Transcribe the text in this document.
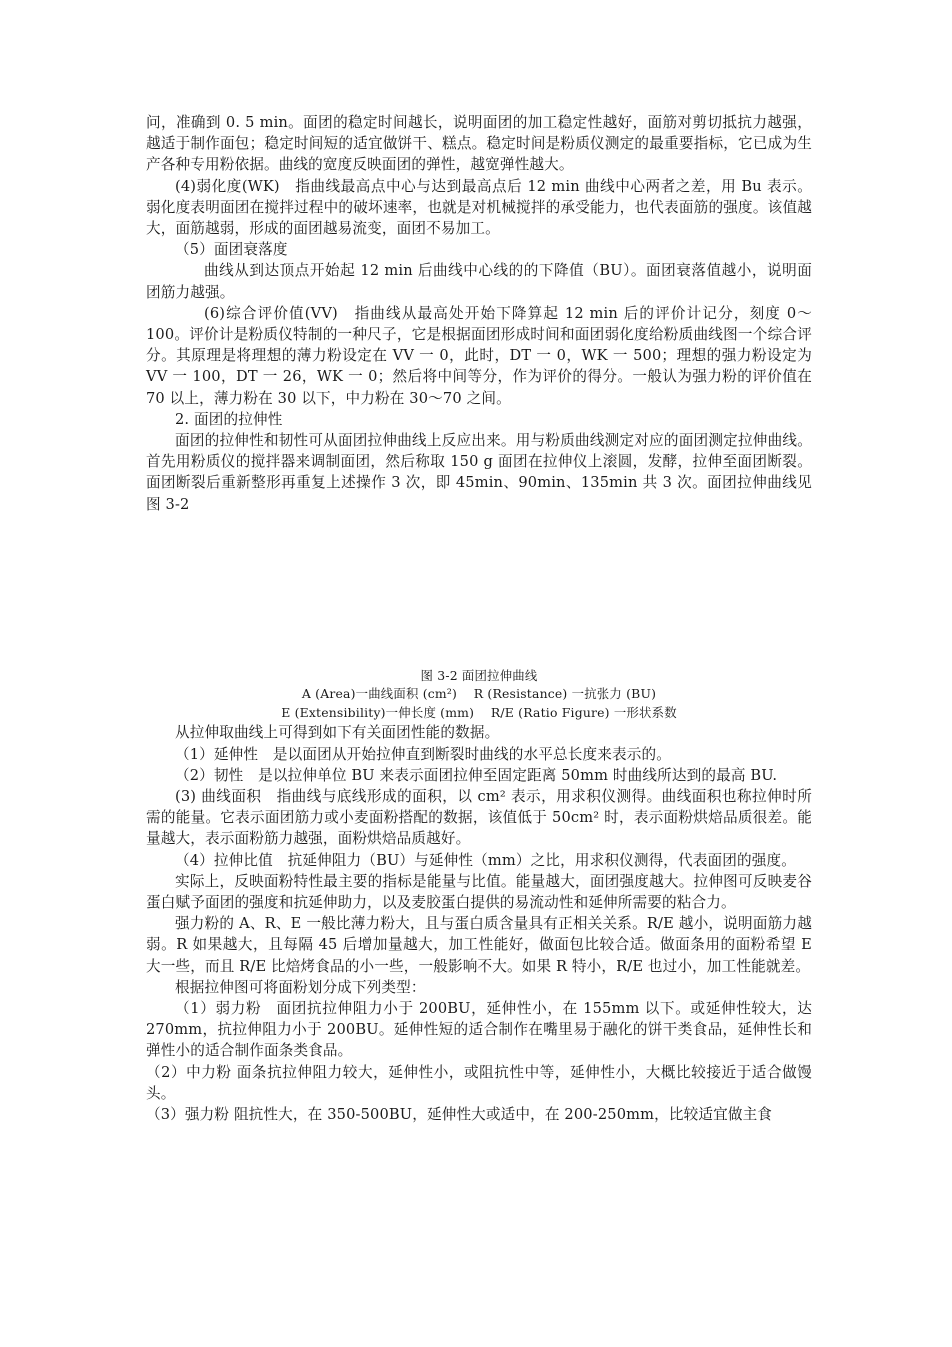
问，准确到 0. 5 min。面团的稳定时间越长，说明面团的加工稳定性越好，面筋对剪切抵抗力越强，越适于制作面包；稳定时间短的适宜做饼干、糕点。稳定时间是粉质仪测定的最重要指标，它已成为生产各种专用粉依据。曲线的宽度反映面团的弹性，越宽弹性越大。

(4)弱化度(WK)　指曲线最高点中心与达到最高点后 12 min 曲线中心两者之差，用 Bu 表示。弱化度表明面团在搅拌过程中的破坏速率，也就是对机械搅拌的承受能力，也代表面筋的强度。该值越大，面筋越弱，形成的面团越易流变，面团不易加工。

（5）面团衰落度

曲线从到达顶点开始起 12 min 后曲线中心线的的下降值（BU）。面团衰落值越小，说明面团筋力越强。

(6)综合评价值(VV)　指曲线从最高处开始下降算起 12 min 后的评价计记分，刻度 0～100。评价计是粉质仪特制的一种尺子，它是根据面团形成时间和面团弱化度给粉质曲线图一个综合评分。其原理是将理想的薄力粉设定在 VV 一 0，此时，DT 一 0，WK 一 500；理想的强力粉设定为 VV 一 100，DT 一 26，WK 一 0；然后将中间等分，作为评价的得分。一般认为强力粉的评价值在 70 以上，薄力粉在 30 以下，中力粉在 30～70 之间。

2. 面团的拉伸性

面团的拉伸性和韧性可从面团拉伸曲线上反应出来。用与粉质曲线测定对应的面团测定拉伸曲线。首先用粉质仪的搅拌器来调制面团，然后称取 150 g 面团在拉伸仪上滚圆，发酵，拉伸至面团断裂。面团断裂后重新整形再重复上述操作 3 次，即 45min、90min、135min 共 3 次。面团拉伸曲线见 图 3-2

图 3-2 面团拉伸曲线

A (Area)一曲线面积 (cm²)　 R (Resistance) 一抗张力 (BU)

E (Extensibility)一伸长度 (mm)　 R/E (Ratio Figure) 一形状系数

从拉伸取曲线上可得到如下有关面团性能的数据。

（1）延伸性　是以面团从开始拉伸直到断裂时曲线的水平总长度来表示的。

（2）韧性　是以拉伸单位 BU 来表示面团拉伸至固定距离 50mm 时曲线所达到的最高 BU.

(3) 曲线面积　指曲线与底线形成的面积，以 cm² 表示，用求积仪测得。曲线面积也称拉伸时所需的能量。它表示面团筋力或小麦面粉搭配的数据，该值低于 50cm² 时，表示面粉烘焙品质很差。能量越大，表示面粉筋力越强，面粉烘焙品质越好。

（4）拉伸比值　抗延伸阻力（BU）与延伸性（mm）之比，用求积仪测得，代表面团的强度。

实际上，反映面粉特性最主要的指标是能量与比值。能量越大，面团强度越大。拉伸图可反映麦谷蛋白赋予面团的强度和抗延伸助力，以及麦胶蛋白提供的易流动性和延伸所需要的粘合力。

强力粉的 A、R、E 一般比薄力粉大，且与蛋白质含量具有正相关关系。R/E 越小，说明面筋力越弱。R 如果越大，且每隔 45 后增加量越大，加工性能好，做面包比较合适。做面条用的面粉希望 E 大一些，而且 R/E 比焙烤食品的小一些，一般影响不大。如果 R 特小，R/E 也过小，加工性能就差。

根据拉伸图可将面粉划分成下列类型：

（1）弱力粉　面团抗拉伸阻力小于 200BU，延伸性小，在 155mm 以下。或延伸性较大，达 270mm，抗拉伸阻力小于 200BU。延伸性短的适合制作在嘴里易于融化的饼干类食品，延伸性长和弹性小的适合制作面条类食品。

（2）中力粉 面条抗拉伸阻力较大，延伸性小，或阻抗性中等，延伸性小，大概比较接近于适合做馒头。

（3）强力粉 阻抗性大，在 350-500BU，延伸性大或适中，在 200-250mm，比较适宜做主食
